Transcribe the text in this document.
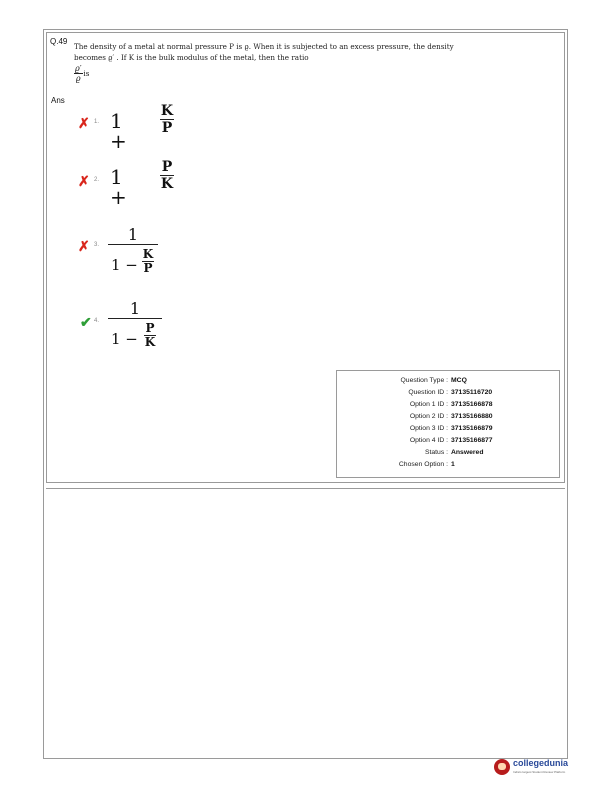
Q.49
The density of a metal at normal pressure P is ϱ. When it is subjected to an excess pressure, the density becomes ϱ′ . If K is the bulk modulus of the metal, then the ratio
$\frac{ϱ'}{ϱ}$ is
Ans
✗ 1. 1 +
K
P
✗ 2. 1 +
P
K
✗ 3.
1
1 −
K
P
✔ 4.
1
1 −
P
K
Question Type : MCQ
Question ID : 37135116720
Option 1 ID : 37135166878
Option 2 ID : 37135166880
Option 3 ID : 37135166879
Option 4 ID : 37135166877
Status : Answered
Chosen Option : 1
collegedunia
India's largest Student Review Platform
